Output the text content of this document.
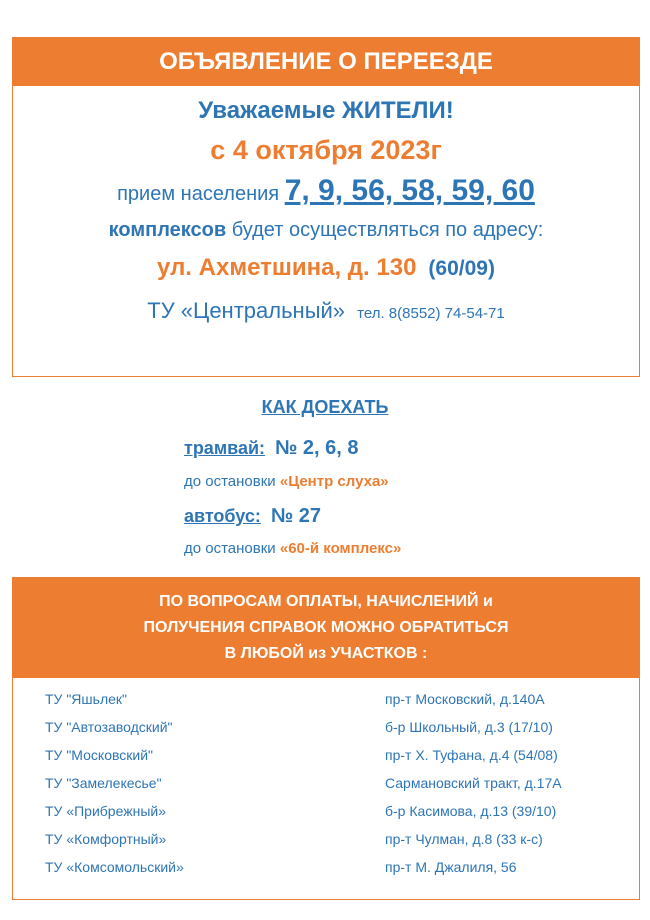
ОБЪЯВЛЕНИЕ О ПЕРЕЕЗДЕ
Уважаемые ЖИТЕЛИ!
с 4 октября 2023г
прием населения 7, 9, 56, 58, 59, 60
комплексов будет осуществляться по адресу:
ул. Ахметшина, д. 130 (60/09)
ТУ «Центральный» тел. 8(8552) 74-54-71
КАК ДОЕХАТЬ
трамвай: № 2, 6, 8
до остановки «Центр слуха»
автобус: № 27
до остановки «60-й комплекс»
ПО ВОПРОСАМ ОПЛАТЫ, НАЧИСЛЕНИЙ и
ПОЛУЧЕНИЯ СПРАВОК МОЖНО ОБРАТИТЬСЯ
В ЛЮБОЙ из УЧАСТКОВ :
ТУ "Яшьлек"	пр-т Московский, д.140А
ТУ "Автозаводский"	б-р Школьный, д.3 (17/10)
ТУ "Московский"	пр-т Х. Туфана, д.4 (54/08)
ТУ "Замелекесье"	Сармановский тракт, д.17А
ТУ «Прибрежный»	б-р Касимова, д.13 (39/10)
ТУ «Комфортный»	пр-т Чулман, д.8 (33 к-с)
ТУ «Комсомольский»	пр-т М. Джалиля, 56
